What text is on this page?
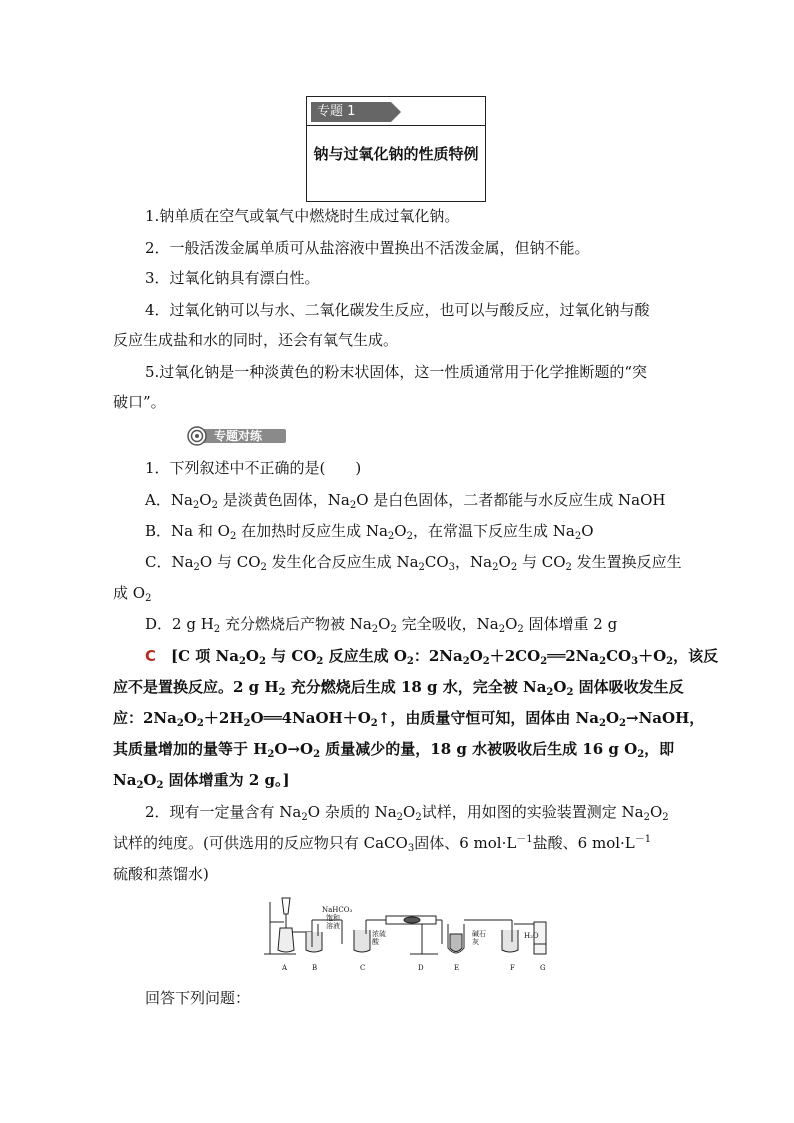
专题 1
钠与过氧化钠的性质特例
1.钠单质在空气或氧气中燃烧时生成过氧化钠。
2．一般活泼金属单质可从盐溶液中置换出不活泼金属，但钠不能。
3．过氧化钠具有漂白性。
4．过氧化钠可以与水、二氧化碳发生反应，也可以与酸反应，过氧化钠与酸
反应生成盐和水的同时，还会有氧气生成。
5.过氧化钠是一种淡黄色的粉末状固体，这一性质通常用于化学推断题的“突
破口”。
专题对练
1．下列叙述中不正确的是(　　)
A．$Na_2O_2$ 是淡黄色固体，$Na_2O$ 是白色固体，二者都能与水反应生成 NaOH
B．Na 和 $O_2$ 在加热时反应生成 $Na_2O_2$，在常温下反应生成 $Na_2O$
C．$Na_2O$ 与 $CO_2$ 发生化合反应生成 $Na_2CO_3$，$Na_2O_2$ 与 $CO_2$ 发生置换反应生
成 $O_2$
D．2 g $H_2$ 充分燃烧后产物被 $Na_2O_2$ 完全吸收，$Na_2O_2$ 固体增重 2 g
C　[C 项 $Na_2O_2$ 与 $CO_2$ 反应生成 $O_2$：$2Na_2O_2+2CO_2══2Na_2CO_3+O_2$，该反
应不是置换反应。2 g $H_2$ 充分燃烧后生成 18 g 水，完全被 $Na_2O_2$ 固体吸收发生反
应：$2Na_2O_2+2H_2O══4NaOH+O_2↑$，由质量守恒可知，固体由 $Na_2O_2\to NaOH$，
其质量增加的量等于 $H_2O\to O_2$ 质量减少的量，18 g 水被吸收后生成 16 g $O_2$，即
$Na_2O_2$ 固体增重为 2 g。]
2．现有一定量含有 $Na_2O$ 杂质的 $Na_2O_2$试样，用如图的实验装置测定 $Na_2O_2$
试样的纯度。(可供选用的反应物只有 CaCO$_3$固体、6 $mol\cdot L^{-1}$盐酸、6 $mol\cdot L^{-1}$
硫酸和蒸馏水)
A	B	C	D	E	F	G
NaHCO₃
饱和
溶液
浓硫
酸
碱石
灰
H₂O
回答下列问题：
